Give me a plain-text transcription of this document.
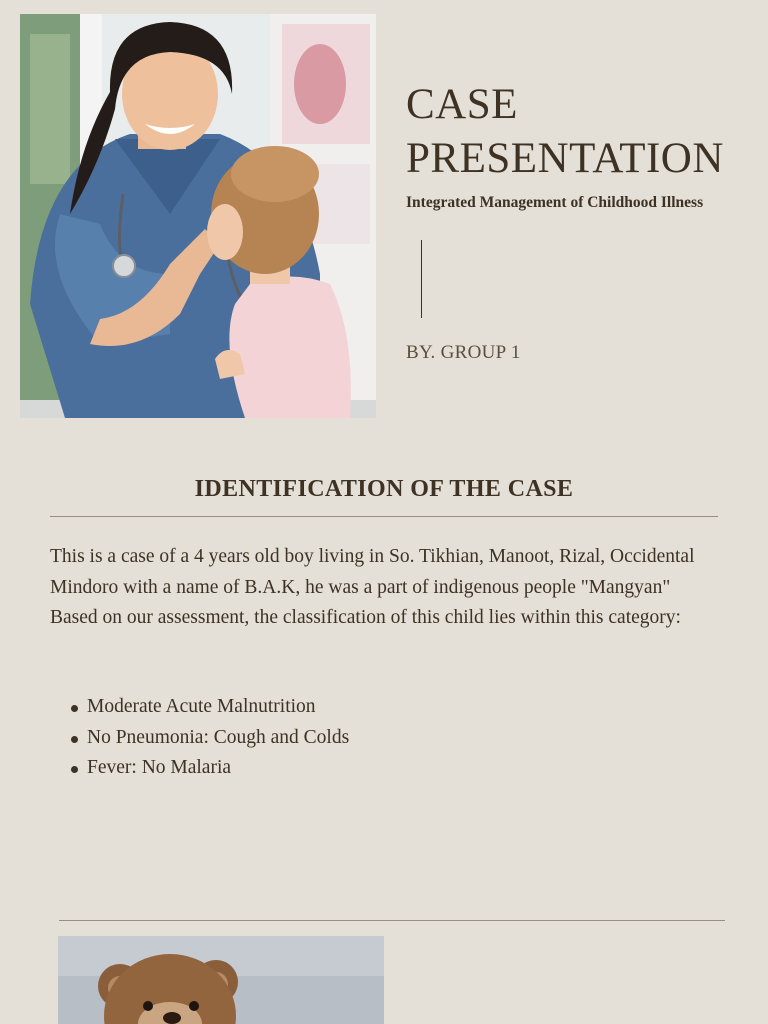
CASE
PRESENTATION

Integrated Management of Childhood Illness

BY. GROUP 1
IDENTIFICATION OF THE CASE

This is a case of a 4 years old boy living in So. Tikhian, Manoot, Rizal, Occidental Mindoro with a name of B.A.K, he was a part of indigenous people "Mangyan" Based on our assessment, the classification of this child lies within this category:

Moderate Acute Malnutrition
No Pneumonia: Cough and Colds
Fever: No Malaria
